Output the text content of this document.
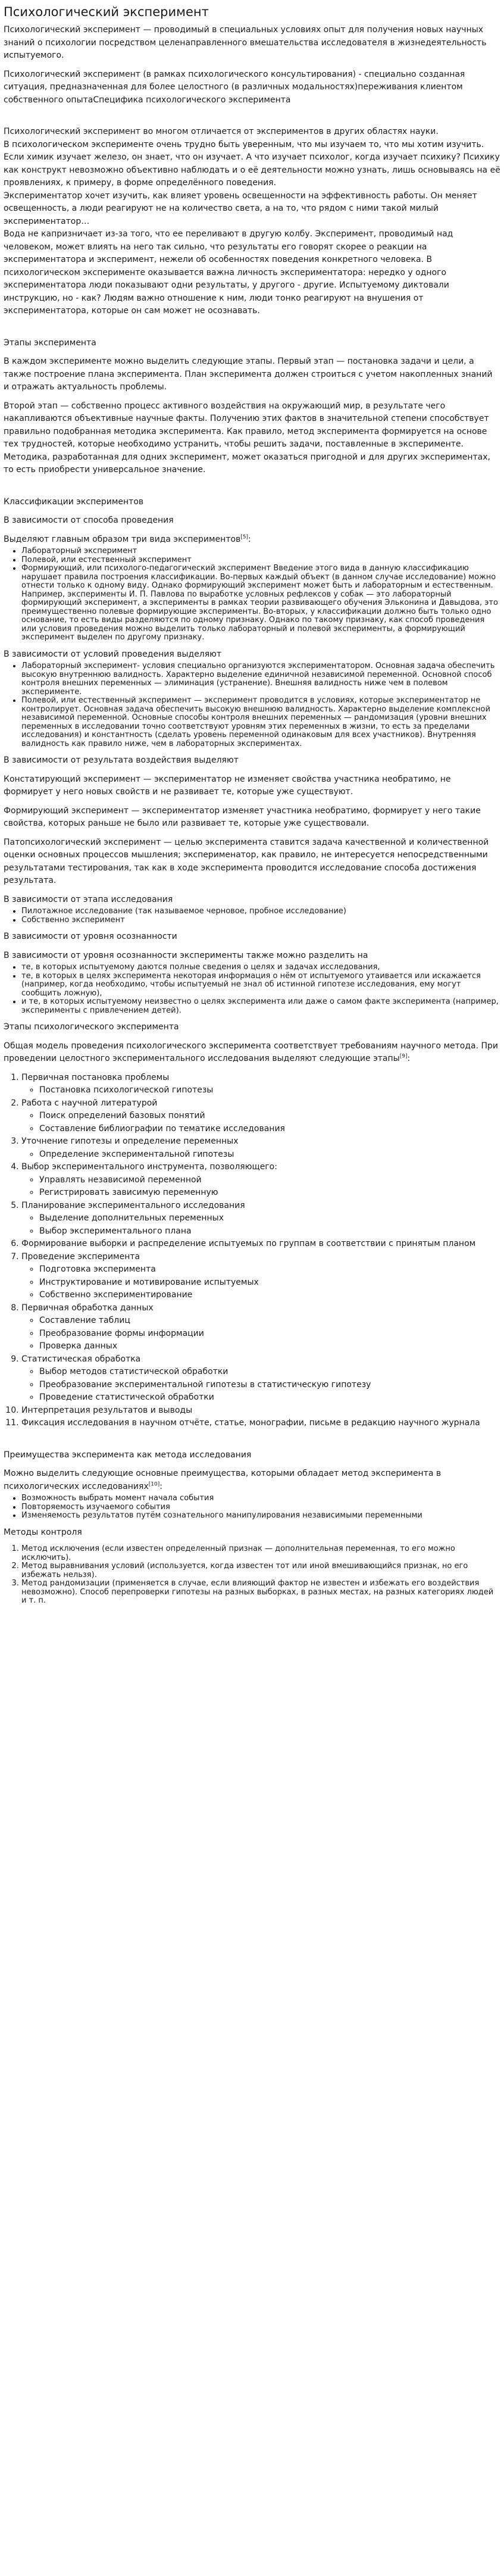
Психологический эксперимент

Психологический эксперимент — проводимый в специальных условиях опыт для получения новых научных знаний о психологии посредством целенаправленного вмешательства исследователя в жизнедеятельность испытуемого.

Психологический эксперимент (в рамках психологического консультирования) - специально созданная ситуация, предназначенная для более целостного (в различных модальностях)переживания клиентом собственного опытаСпецифика психологического эксперимента

Психологический эксперимент во многом отличается от экспериментов в других областях науки.
В психологическом эксперименте очень трудно быть уверенным, что мы изучаем то, что мы хотим изучить.
Если химик изучает железо, он знает, что он изучает. А что изучает психолог, когда изучает психику? Психику как конструкт невозможно объективно наблюдать и о её деятельности можно узнать, лишь основываясь на её проявлениях, к примеру, в форме определённого поведения.
Экспериментатор хочет изучить, как влияет уровень освещенности на эффективность работы. Он меняет освещенность, а люди реагируют не на количество света, а на то, что рядом с ними такой милый экспериментатор…
Вода не капризничает из-за того, что ее переливают в другую колбу. Эксперимент, проводимый над человеком, может влиять на него так сильно, что результаты его говорят скорее о реакции на экспериментатора и эксперимент, нежели об особенностях поведения конкретного человека. В психологическом эксперименте оказывается важна личность экспериментатора: нередко у одного экспериментатора люди показывают одни результаты, у другого - другие. Испытуемому диктовали инструкцию, но - как? Людям важно отношение к ним, люди тонко реагируют на внушения от экспериментатора, которые он сам может не осознавать.

Этапы эксперимента

В каждом эксперименте можно выделить следующие этапы. Первый этап — постановка задачи и цели, а также построение плана эксперимента. План эксперимента должен строиться с учетом накопленных знаний и отражать актуальность проблемы.

Второй этап — собственно процесс активного воздействия на окружающий мир, в результате чего накапливаются объективные научные факты. Получению этих фактов в значительной степени способствует правильно подобранная методика эксперимента. Как правило, метод эксперимента формируется на основе тех трудностей, которые необходимо устранить, чтобы решить задачи, поставленные в эксперименте. Методика, разработанная для одних эксперимент, может оказаться пригодной и для других экспериментах, то есть приобрести универсальное значение.

Классификации экспериментов

В зависимости от способа проведения

Выделяют главным образом три вида экспериментов[5]:

• Лабораторный эксперимент
• Полевой, или естественный эксперимент
• Формирующий, или психолого-педагогический эксперимент Введение этого вида в данную классификацию нарушает правила построения классификации. Во-первых каждый объект (в данном случае исследование) можно отнести только к одному виду. Однако формирующий эксперимент может быть и лабораторным и естественным. Например, эксперименты И. П. Павлова по выработке условных рефлексов у собак — это лабораторный формирующий эксперимент, а эксперименты в рамках теории развивающего обучения Эльконина и Давыдова, это преимущественно полевые формирующие эксперименты. Во-вторых, у классификации должно быть только одно основание, то есть виды разделяются по одному признаку. Однако по такому признаку, как способ проведения или условия проведения можно выделить только лабораторный и полевой эксперименты, а формирующий эксперимент выделен по другому признаку.

В зависимости от условий проведения выделяют

• Лабораторный эксперимент- условия специально организуются экспериментатором. Основная задача обеспечить высокую внутреннюю валидность. Характерно выделение единичной независимой переменной. Основной способ контроля внешних переменных — элиминация (устранение). Внешняя валидность ниже чем в полевом эксперименте.
• Полевой, или естественный эксперимент — эксперимент проводится в условиях, которые экспериментатор не контролирует. Основная задача обеспечить высокую внешнюю валидность. Характерно выделение комплексной независимой переменной. Основные способы контроля внешних переменных — рандомизация (уровни внешних переменных в исследовании точно соответствуют уровням этих переменных в жизни, то есть за пределами исследования) и константность (сделать уровень переменной одинаковым для всех участников). Внутренняя валидность как правило ниже, чем в лабораторных экспериментах.

В зависимости от результата воздействия выделяют

Констатирующий эксперимент — экспериментатор не изменяет свойства участника необратимо, не формирует у него новых свойств и не развивает те, которые уже существуют.

Формирующий эксперимент — экспериментатор изменяет участника необратимо, формирует у него такие свойства, которых раньше не было или развивает те, которые уже существовали.

Патопсихологический эксперимент — целью эксперимента ставится задача качественной и количественной оценки основных процессов мышления; эксперименатор, как правило, не интересуется непосредственными результатами тестирования, так как в ходе эксперимента проводится исследование способа достижения результата.

В зависимости от этапа исследования

• Пилотажное исследование (так называемое черновое, пробное исследование)
• Собственно эксперимент

В зависимости от уровня осознанности

В зависимости от уровня осознанности эксперименты также можно разделить на

• те, в которых испытуемому даются полные сведения о целях и задачах исследования,
• те, в которых в целях эксперимента некоторая информация о нём от испытуемого утаивается или искажается (например, когда необходимо, чтобы испытуемый не знал об истинной гипотезе исследования, ему могут сообщить ложную),
• и те, в которых испытуемому неизвестно о целях эксперимента или даже о самом факте эксперимента (например, эксперименты с привлечением детей).

Этапы психологического эксперимента

Общая модель проведения психологического эксперимента соответствует требованиям научного метода. При проведении целостного экспериментального исследования выделяют следующие этапы[9]:

1. Первичная постановка проблемы
◦ Постановка психологической гипотезы
2. Работа с научной литературой
◦ Поиск определений базовых понятий
◦ Составление библиографии по тематике исследования
3. Уточнение гипотезы и определение переменных
◦ Определение экспериментальной гипотезы
4. Выбор экспериментального инструмента, позволяющего:
◦ Управлять независимой переменной
◦ Регистрировать зависимую переменную
5. Планирование экспериментального исследования
◦ Выделение дополнительных переменных
◦ Выбор экспериментального плана
6. Формирование выборки и распределение испытуемых по группам в соответствии с принятым планом
7. Проведение эксперимента
◦ Подготовка эксперимента
◦ Инструктирование и мотивирование испытуемых
◦ Собственно экспериментирование
8. Первичная обработка данных
◦ Составление таблиц
◦ Преобразование формы информации
◦ Проверка данных
9. Статистическая обработка
◦ Выбор методов статистической обработки
◦ Преобразование экспериментальной гипотезы в статистическую гипотезу
◦ Проведение статистической обработки
10. Интерпретация результатов и выводы
11. Фиксация исследования в научном отчёте, статье, монографии, письме в редакцию научного журнала

Преимущества эксперимента как метода исследования

Можно выделить следующие основные преимущества, которыми обладает метод эксперимента в психологических исследованиях[10]:

• Возможность выбрать момент начала события
• Повторяемость изучаемого события
• Изменяемость результатов путём сознательного манипулирования независимыми переменными

Методы контроля

1. Метод исключения (если известен определенный признак — дополнительная переменная, то его можно исключить).
2. Метод выравнивания условий (используется, когда известен тот или иной вмешивающийся признак, но его избежать нельзя).
3. Метод рандомизации (применяется в случае, если влияющий фактор не известен и избежать его воздействия невозможно). Способ перепроверки гипотезы на разных выборках, в разных местах, на разных категориях людей и т. п.
